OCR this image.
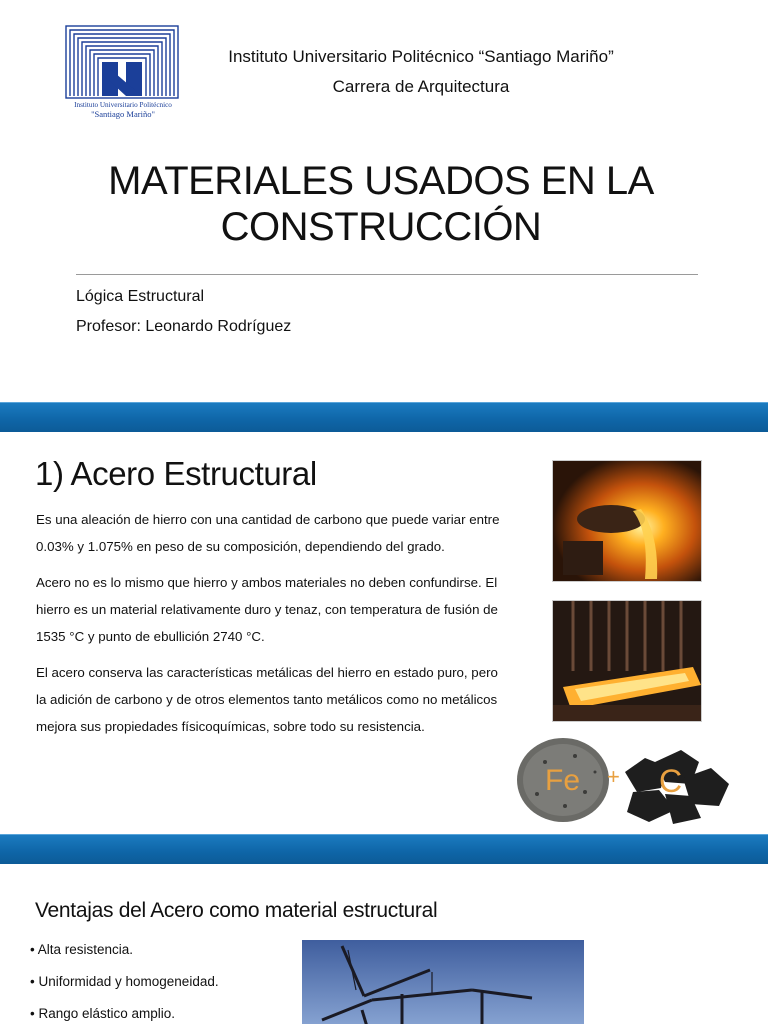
Instituto Universitario Politécnico
"Santiago Mariño"
Instituto Universitario Politécnico “Santiago Mariño”
Carrera de Arquitectura
MATERIALES USADOS EN LA
CONSTRUCCIÓN
Lógica Estructural
Profesor: Leonardo Rodríguez
1) Acero Estructural

Es una aleación de hierro con una cantidad de carbono que puede variar entre 0.03% y 1.075% en peso de su composición, dependiendo del grado.

Acero no es lo mismo que hierro y ambos materiales no deben confundirse. El hierro es un material relativamente duro y tenaz, con temperatura de fusión de 1535 °C y punto de ebullición 2740 °C.

El acero conserva las características metálicas del hierro en estado puro, pero la adición de carbono y de otros elementos tanto metálicos como no metálicos mejora sus propiedades físicoquímicas, sobre todo su resistencia.

Fe + C
Ventajas del Acero como material estructural
• Alta resistencia.
• Uniformidad y homogeneidad.
• Rango elástico amplio.
